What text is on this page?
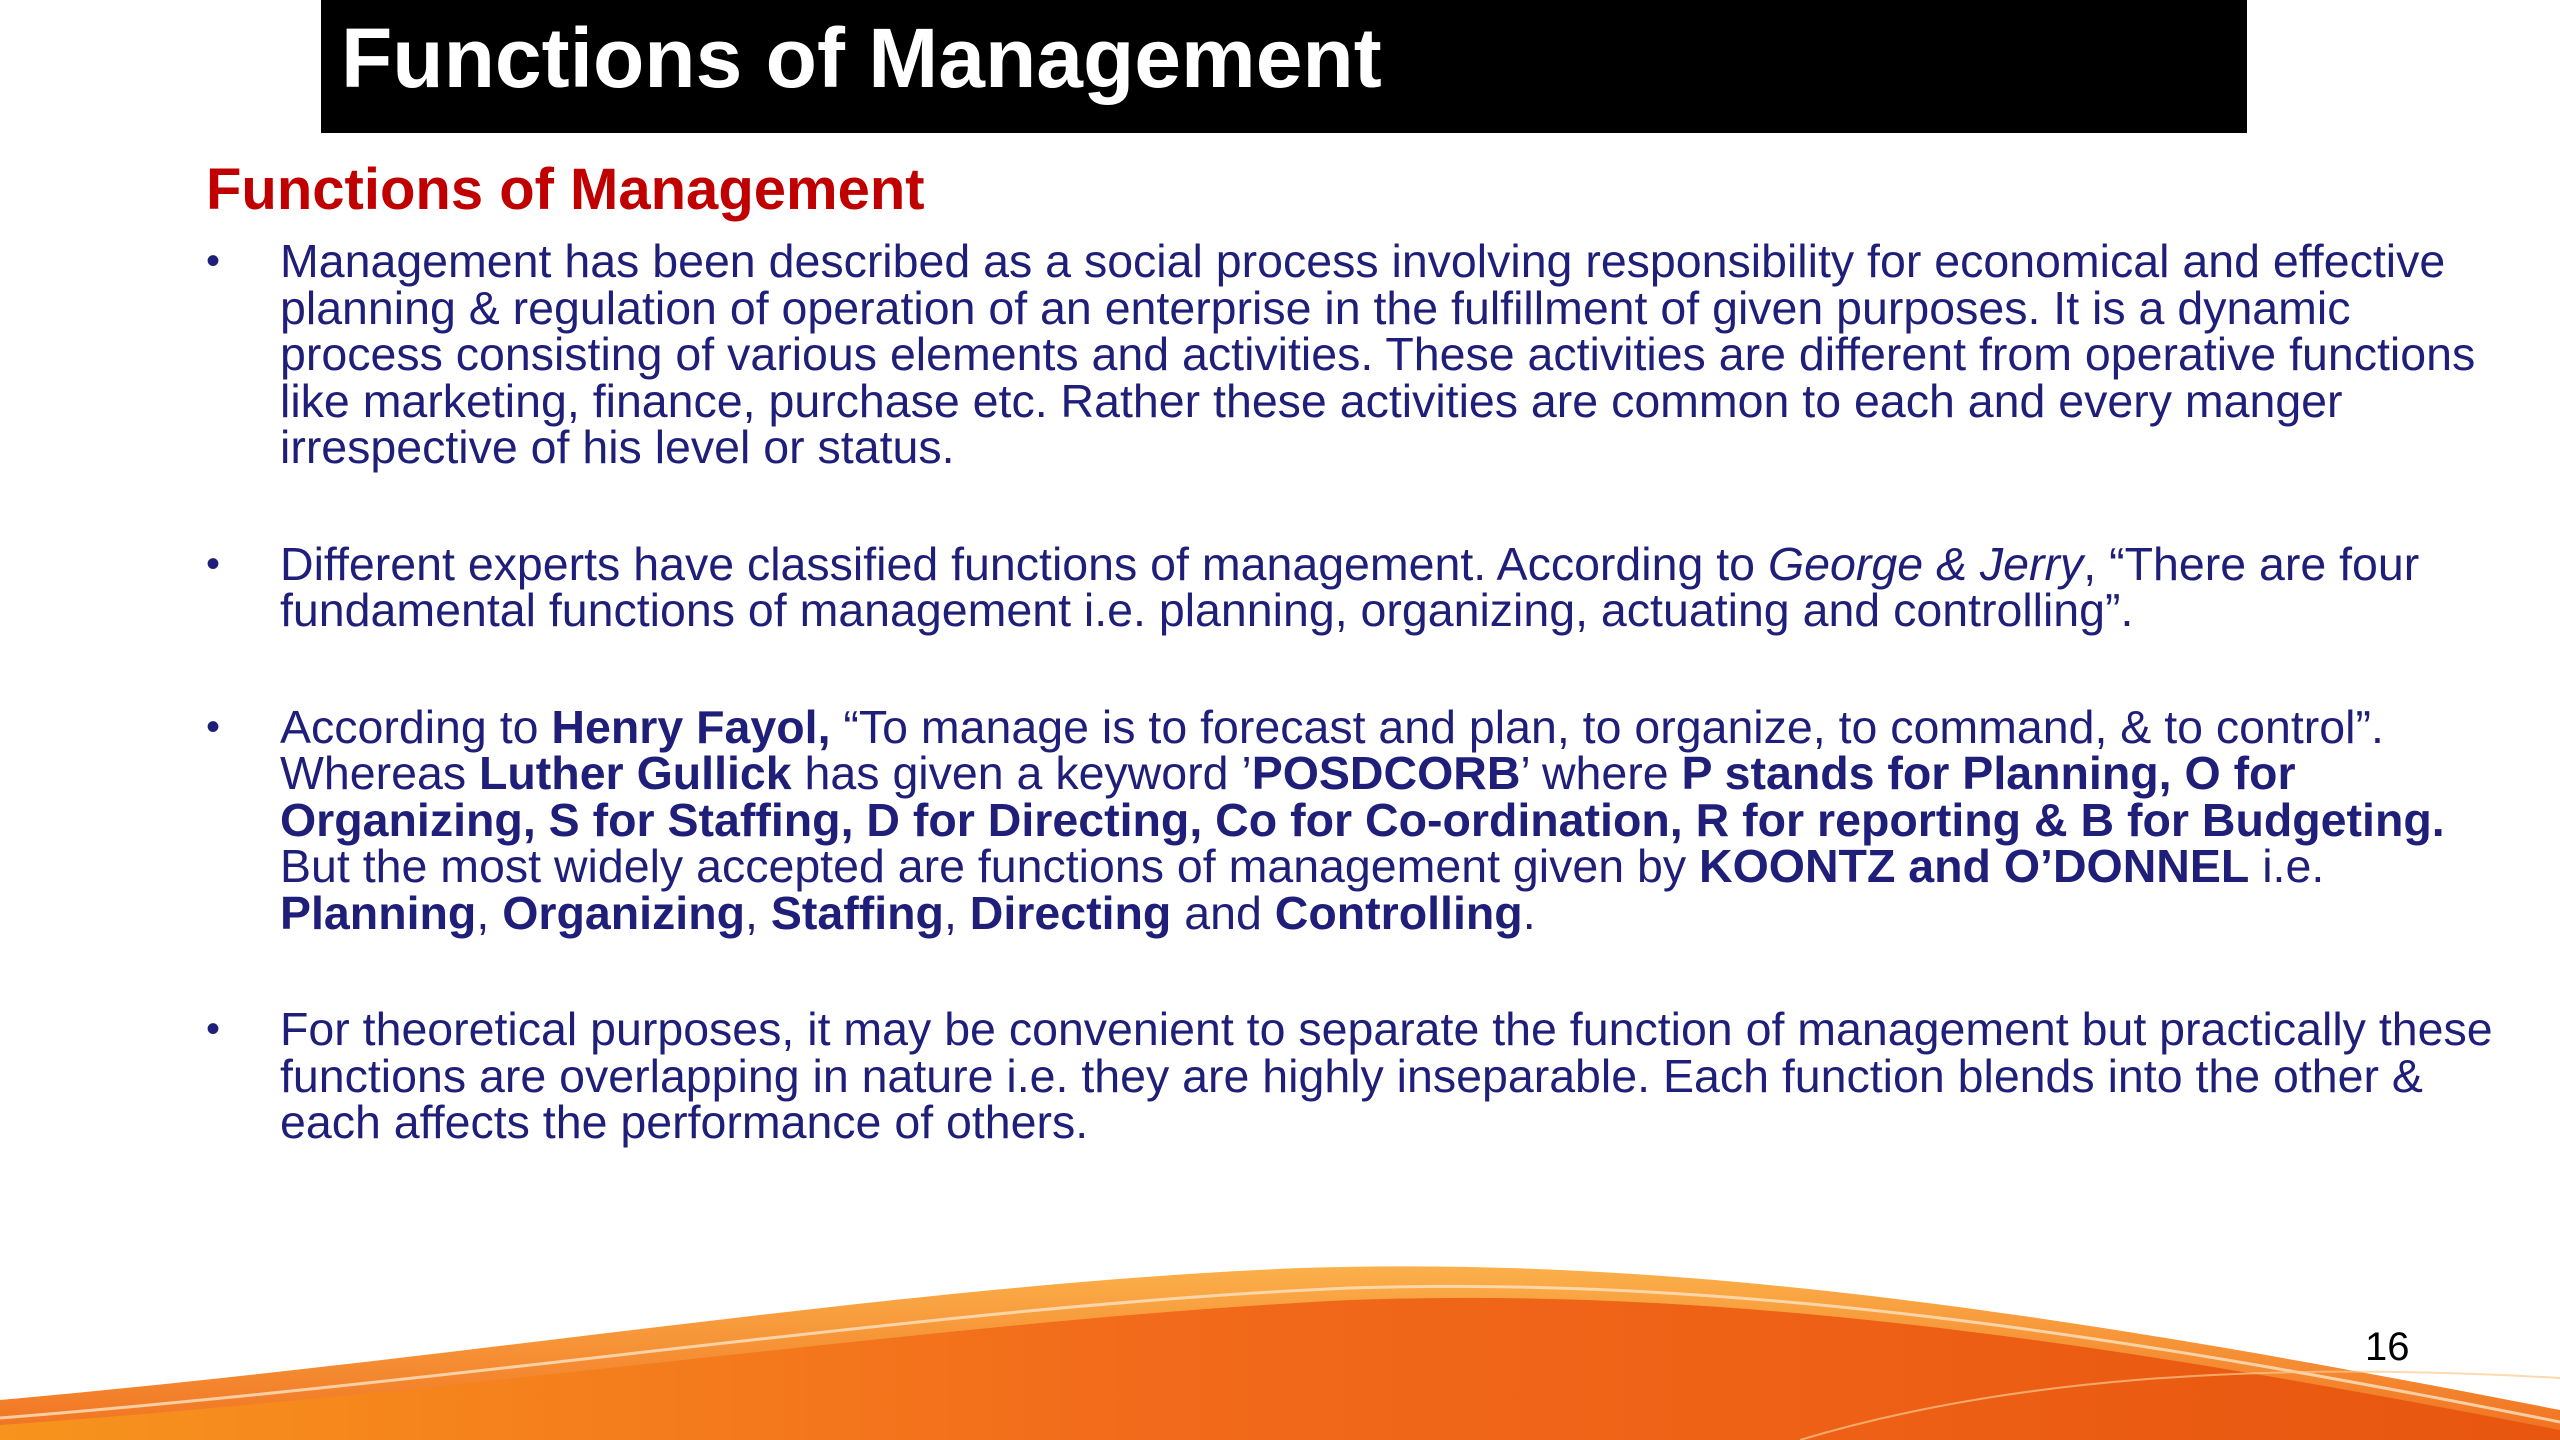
Functions of Management
Functions of Management
•	Management has been described as a social process involving responsibility for economical and effective planning & regulation of operation of an enterprise in the fulfillment of given purposes. It is a dynamic process consisting of various elements and activities. These activities are different from operative functions like marketing, finance, purchase etc. Rather these activities are common to each and every manger irrespective of his level or status.

•	Different experts have classified functions of management. According to George & Jerry, “There are four fundamental functions of management i.e. planning, organizing, actuating and controlling”.

•	According to Henry Fayol, “To manage is to forecast and plan, to organize, to command, & to control”. Whereas Luther Gullick has given a keyword ’POSDCORB’ where P stands for Planning, O for Organizing, S for Staffing, D for Directing, Co for Co-ordination, R for reporting & B for Budgeting. But the most widely accepted are functions of management given by KOONTZ and O’DONNEL i.e. Planning, Organizing, Staffing, Directing and Controlling.

•	For theoretical purposes, it may be convenient to separate the function of management but practically these functions are overlapping in nature i.e. they are highly inseparable. Each function blends into the other & each affects the performance of others.

16
